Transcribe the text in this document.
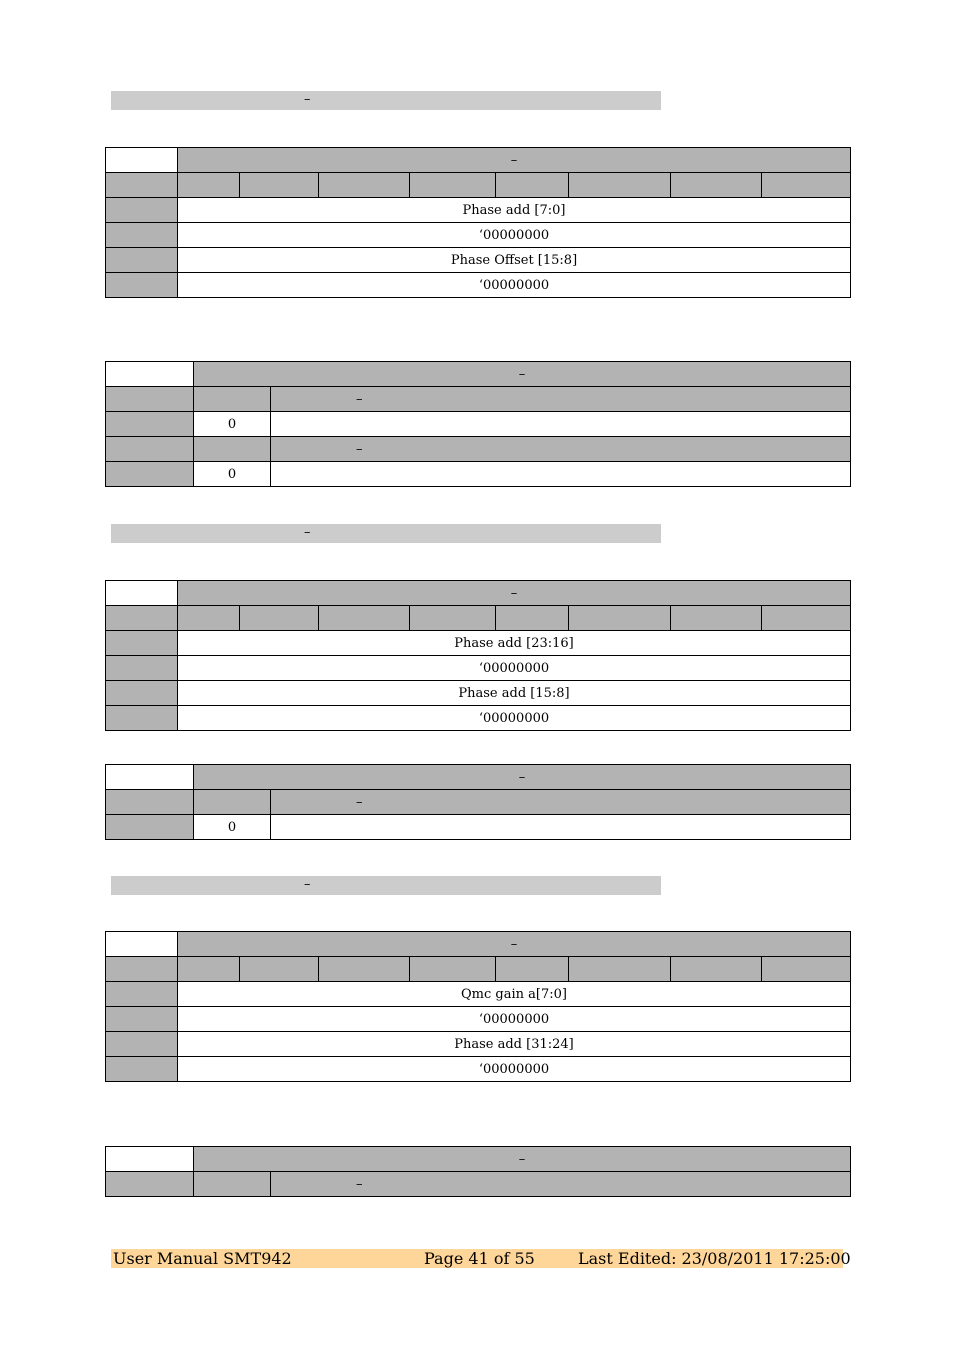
–
	–							

	Phase add [7:0]							
	‘00000000							
	Phase Offset [15:8]							
	‘00000000							
	–	
		–
	0	
		–
	0	
–
	–							

	Phase add [23:16]							
	‘00000000							
	Phase add [15:8]							
	‘00000000							
	–	
		–
	0	
–
	–							

	Qmc gain a[7:0]							
	‘00000000							
	Phase add [31:24]							
	‘00000000							
	–	
		–
User Manual SMT942	Page 41 of 55	Last Edited: 23/08/2011 17:25:00
